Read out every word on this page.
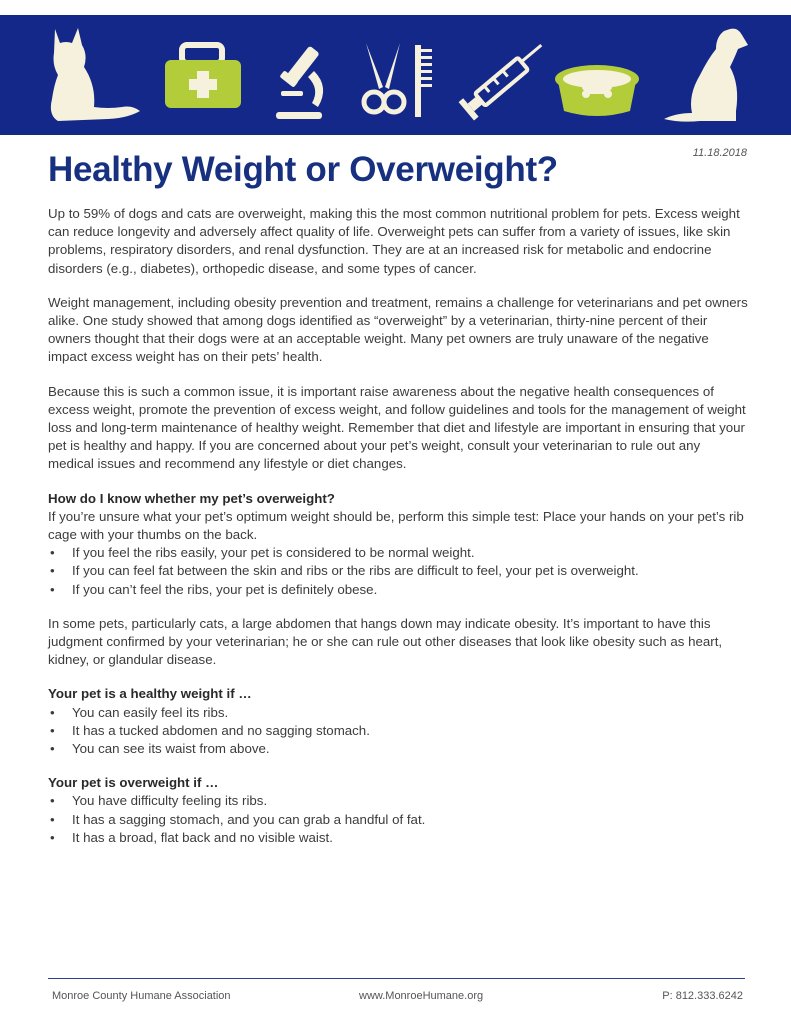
11.18.2018
Healthy Weight or Overweight?

Up to 59% of dogs and cats are overweight, making this the most common nutritional problem for pets. Excess weight can reduce longevity and adversely affect quality of life. Overweight pets can suffer from a variety of issues, like skin problems, respiratory disorders, and renal dysfunction. They are at an increased risk for metabolic and endocrine disorders (e.g., diabetes), orthopedic disease, and some types of cancer.

Weight management, including obesity prevention and treatment, remains a challenge for veterinarians and pet owners alike. One study showed that among dogs identified as “overweight” by a veterinarian, thirty-nine percent of their owners thought that their dogs were at an acceptable weight. Many pet owners are truly unaware of the negative impact excess weight has on their pets’ health.

Because this is such a common issue, it is important raise awareness about the negative health consequences of excess weight, promote the prevention of excess weight, and follow guidelines and tools for the management of weight loss and long-term maintenance of healthy weight. Remember that diet and lifestyle are important in ensuring that your pet is healthy and happy. If you are concerned about your pet’s weight, consult your veterinarian to rule out any medical issues and recommend any lifestyle or diet changes.

How do I know whether my pet’s overweight?

If you’re unsure what your pet’s optimum weight should be, perform this simple test: Place your hands on your pet’s rib cage with your thumbs on the back.

• If you feel the ribs easily, your pet is considered to be normal weight.
• If you can feel fat between the skin and ribs or the ribs are difficult to feel, your pet is overweight.
• If you can’t feel the ribs, your pet is definitely obese.

In some pets, particularly cats, a large abdomen that hangs down may indicate obesity. It’s important to have this judgment confirmed by your veterinarian; he or she can rule out other diseases that look like obesity such as heart, kidney, or glandular disease.

Your pet is a healthy weight if …
• You can easily feel its ribs.
• It has a tucked abdomen and no sagging stomach.
• You can see its waist from above.
Your pet is overweight if …
• You have difficulty feeling its ribs.
• It has a sagging stomach, and you can grab a handful of fat.
• It has a broad, flat back and no visible waist.
Monroe County Humane Association	www.MonroeHumane.org	P: 812.333.6242
